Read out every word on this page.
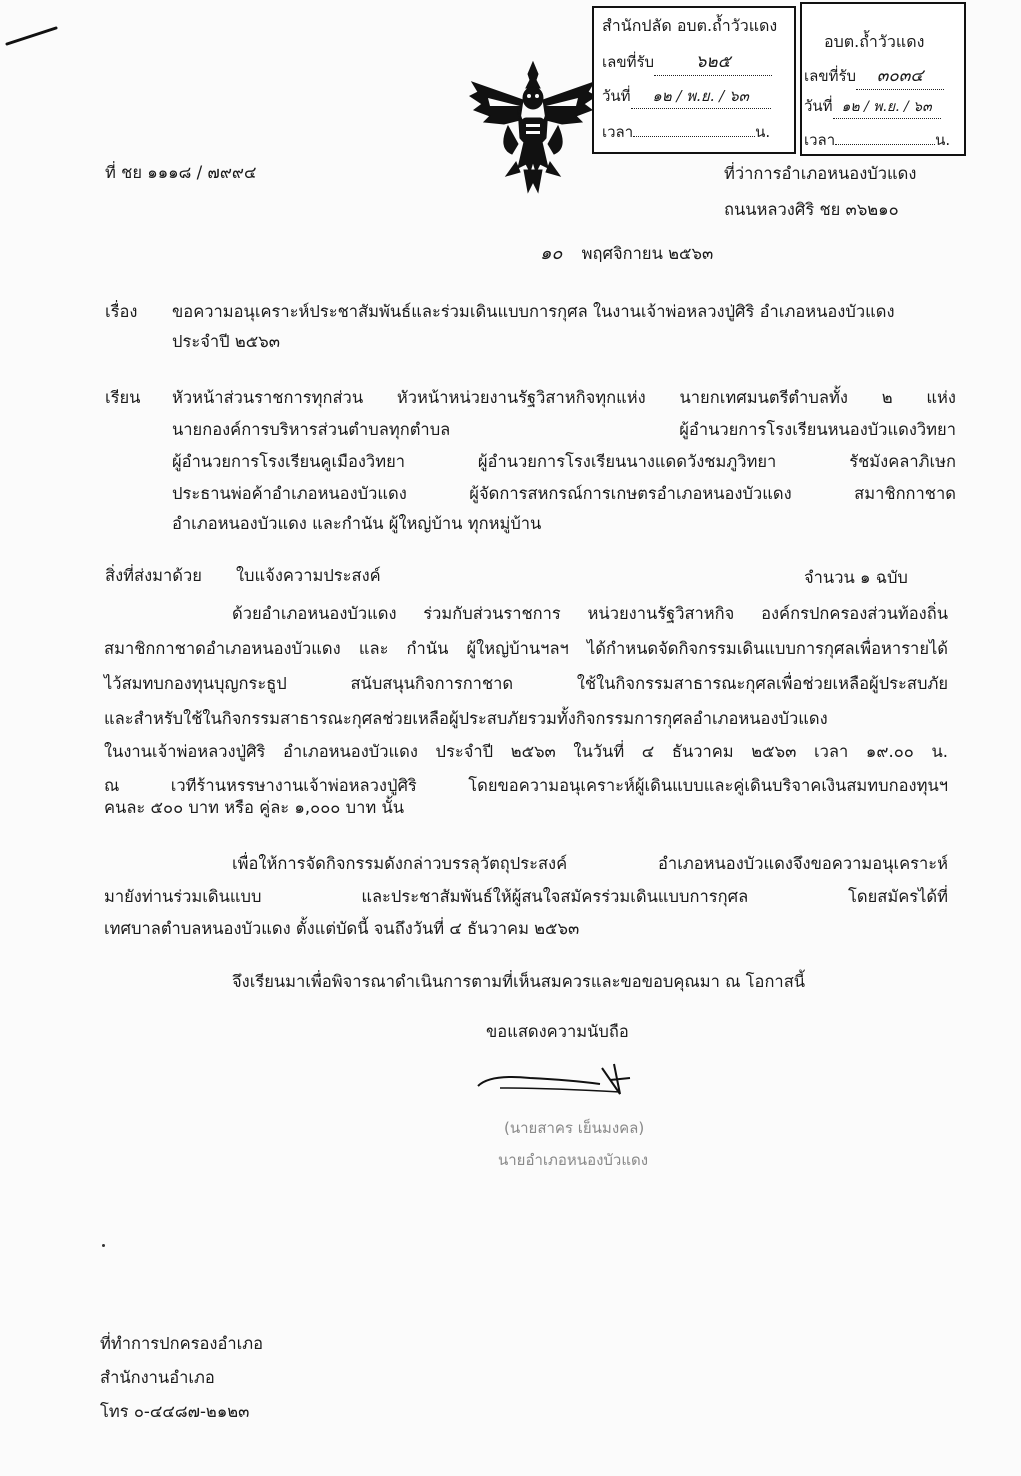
สำนักปลัด อบต.ถ้ำวัวแดง
เลขที่รับ ๖๒๕
วันที่ ๑๒ / พ.ย. / ๖๓
เวลา	น.
อบต.ถ้ำวัวแดง
เลขที่รับ ๓๐๓๔
วันที่ ๑๒ / พ.ย. / ๖๓
เวลา	น.
ที่ ชย ๑๑๑๘ / ๗๙๙๔	ที่ว่าการอำเภอหนองบัวแดง
ถนนหลวงศิริ ชย ๓๖๒๑๐
๑๐ พฤศจิกายน ๒๕๖๓
เรื่อง ขอความอนุเคราะห์ประชาสัมพันธ์และร่วมเดินแบบการกุศล ในงานเจ้าพ่อหลวงปู่ศิริ อำเภอหนองบัวแดง
ประจำปี ๒๕๖๓
เรียน หัวหน้าส่วนราชการทุกส่วน หัวหน้าหน่วยงานรัฐวิสาหกิจทุกแห่ง นายกเทศมนตรีตำบลทั้ง ๒ แห่ง
นายกองค์การบริหารส่วนตำบลทุกตำบล ผู้อำนวยการโรงเรียนหนองบัวแดงวิทยา
ผู้อำนวยการโรงเรียนคูเมืองวิทยา ผู้อำนวยการโรงเรียนนางแดดวังชมภูวิทยา รัชมังคลาภิเษก
ประธานพ่อค้าอำเภอหนองบัวแดง ผู้จัดการสหกรณ์การเกษตรอำเภอหนองบัวแดง สมาชิกกาชาด
อำเภอหนองบัวแดง และกำนัน ผู้ใหญ่บ้าน ทุกหมู่บ้าน
สิ่งที่ส่งมาด้วย ใบแจ้งความประสงค์	จำนวน ๑ ฉบับ
ด้วยอำเภอหนองบัวแดง ร่วมกับส่วนราชการ หน่วยงานรัฐวิสาหกิจ องค์กรปกครองส่วนท้องถิ่น
สมาชิกกาชาดอำเภอหนองบัวแดง และ กำนัน ผู้ใหญ่บ้านฯลฯ ได้กำหนดจัดกิจกรรมเดินแบบการกุศลเพื่อหารายได้
ไว้สมทบกองทุนบุญกระธูป สนับสนุนกิจการกาชาด ใช้ในกิจกรรมสาธารณะกุศลเพื่อช่วยเหลือผู้ประสบภัย
และสำหรับใช้ในกิจกรรมสาธารณะกุศลช่วยเหลือผู้ประสบภัยรวมทั้งกิจกรรมการกุศลอำเภอหนองบัวแดง
ในงานเจ้าพ่อหลวงปู่ศิริ อำเภอหนองบัวแดง ประจำปี ๒๕๖๓ ในวันที่ ๔ ธันวาคม ๒๕๖๓ เวลา ๑๙.๐๐ น.
ณ เวทีร้านหรรษางานเจ้าพ่อหลวงปู่ศิริ โดยขอความอนุเคราะห์ผู้เดินแบบและคู่เดินบริจาคเงินสมทบกองทุนฯ
คนละ ๕๐๐ บาท หรือ คู่ละ ๑,๐๐๐ บาท นั้น
เพื่อให้การจัดกิจกรรมดังกล่าวบรรลุวัตถุประสงค์ อำเภอหนองบัวแดงจึงขอความอนุเคราะห์
มายังท่านร่วมเดินแบบ และประชาสัมพันธ์ให้ผู้สนใจสมัครร่วมเดินแบบการกุศล โดยสมัครได้ที่
เทศบาลตำบลหนองบัวแดง ตั้งแต่บัดนี้ จนถึงวันที่ ๔ ธันวาคม ๒๕๖๓
จึงเรียนมาเพื่อพิจารณาดำเนินการตามที่เห็นสมควรและขอขอบคุณมา ณ โอกาสนี้
ขอแสดงความนับถือ
(นายสาคร เย็นมงคล)
นายอำเภอหนองบัวแดง
ที่ทำการปกครองอำเภอ
สำนักงานอำเภอ
โทร ๐-๔๔๘๗-๒๑๒๓
